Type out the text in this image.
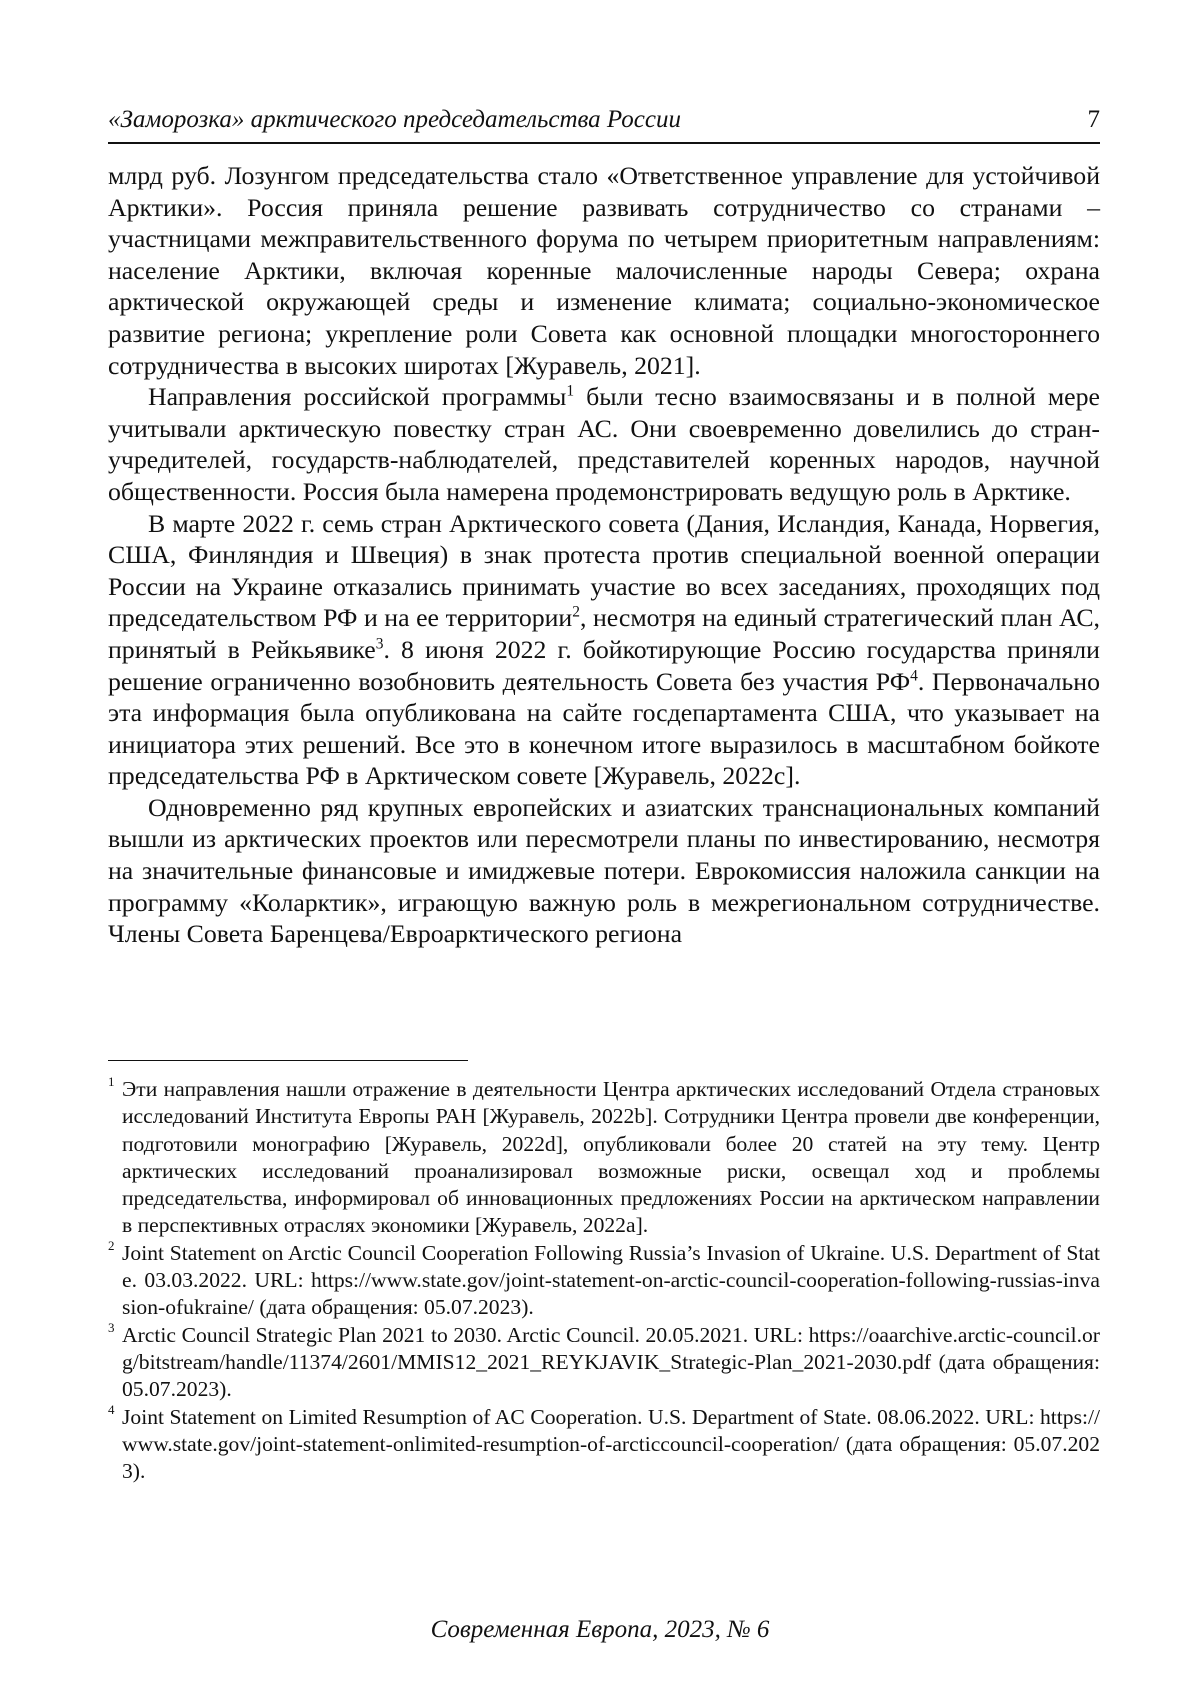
«Заморозка» арктического председательства России	7

млрд руб. Лозунгом председательства стало «Ответственное управление для устойчивой Арктики». Россия приняла решение развивать сотрудничество со странами – участницами межправительственного форума по четырем приоритетным направлениям: население Арктики, включая коренные малочисленные народы Севера; охрана арктической окружающей среды и изменение климата; социально-экономическое развитие региона; укрепление роли Совета как основной площадки многостороннего сотрудничества в высоких широтах [Журавель, 2021].

Направления российской программы$^1$ были тесно взаимосвязаны и в полной мере учитывали арктическую повестку стран АС. Они своевременно довелились до стран-учредителей, государств-наблюдателей, представителей коренных народов, научной общественности. Россия была намерена продемонстрировать ведущую роль в Арктике.

В марте 2022 г. семь стран Арктического совета (Дания, Исландия, Канада, Норвегия, США, Финляндия и Швеция) в знак протеста против специальной военной операции России на Украине отказались принимать участие во всех заседаниях, проходящих под председательством РФ и на ее территории$^2$, несмотря на единый стратегический план АС, принятый в Рейкьявике$^3$. 8 июня 2022 г. бойкотирующие Россию государства приняли решение ограниченно возобновить деятельность Совета без участия $РФ^4$. Первоначально эта информация была опубликована на сайте госдепартамента США, что указывает на инициатора этих решений. Все это в конечном итоге выразилось в масштабном бойкоте председательства РФ в Арктическом совете [Журавель, 2022c].

Одновременно ряд крупных европейских и азиатских транснациональных компаний вышли из арктических проектов или пересмотрели планы по инвестированию, несмотря на значительные финансовые и имиджевые потери. Еврокомиссия наложила санкции на программу «Коларктик», играющую важную роль в межрегиональном сотрудничестве. Члены Совета Баренцева/Евроарктического региона

1 Эти направления нашли отражение в деятельности Центра арктических исследований Отдела страновых исследований Института Европы РАН [Журавель, 2022b]. Сотрудники Центра провели две конференции, подготовили монографию [Журавель, 2022d], опубликовали более 20 статей на эту тему. Центр арктических исследований проанализировал возможные риски, освещал ход и проблемы председательства, информировал об инновационных предложениях России на арктическом направлении в перспективных отраслях экономики [Журавель, 2022a].

2 Joint Statement on Arctic Council Cooperation Following Russia’s Invasion of Ukraine. U.S. Department of State. 03.03.2022. URL: https://www.state.gov/joint-statement-on-arctic-council-cooperation-following-russias-invasion-ofukraine/ (дата обращения: 05.07.2023).

3 Arctic Council Strategic Plan 2021 to 2030. Arctic Council. 20.05.2021. URL: https://oaarchive.arctic-council.org/bitstream/handle/11374/2601/MMIS12_2021_REYKJAVIK_Strategic-Plan_2021-2030.pdf (дата обращения: 05.07.2023).

4 Joint Statement on Limited Resumption of AC Cooperation. U.S. Department of State. 08.06.2022. URL: https://www.state.gov/joint-statement-onlimited-resumption-of-arcticcouncil-cooperation/ (дата обращения: 05.07.2023).

Современная Европа, 2023, № 6
